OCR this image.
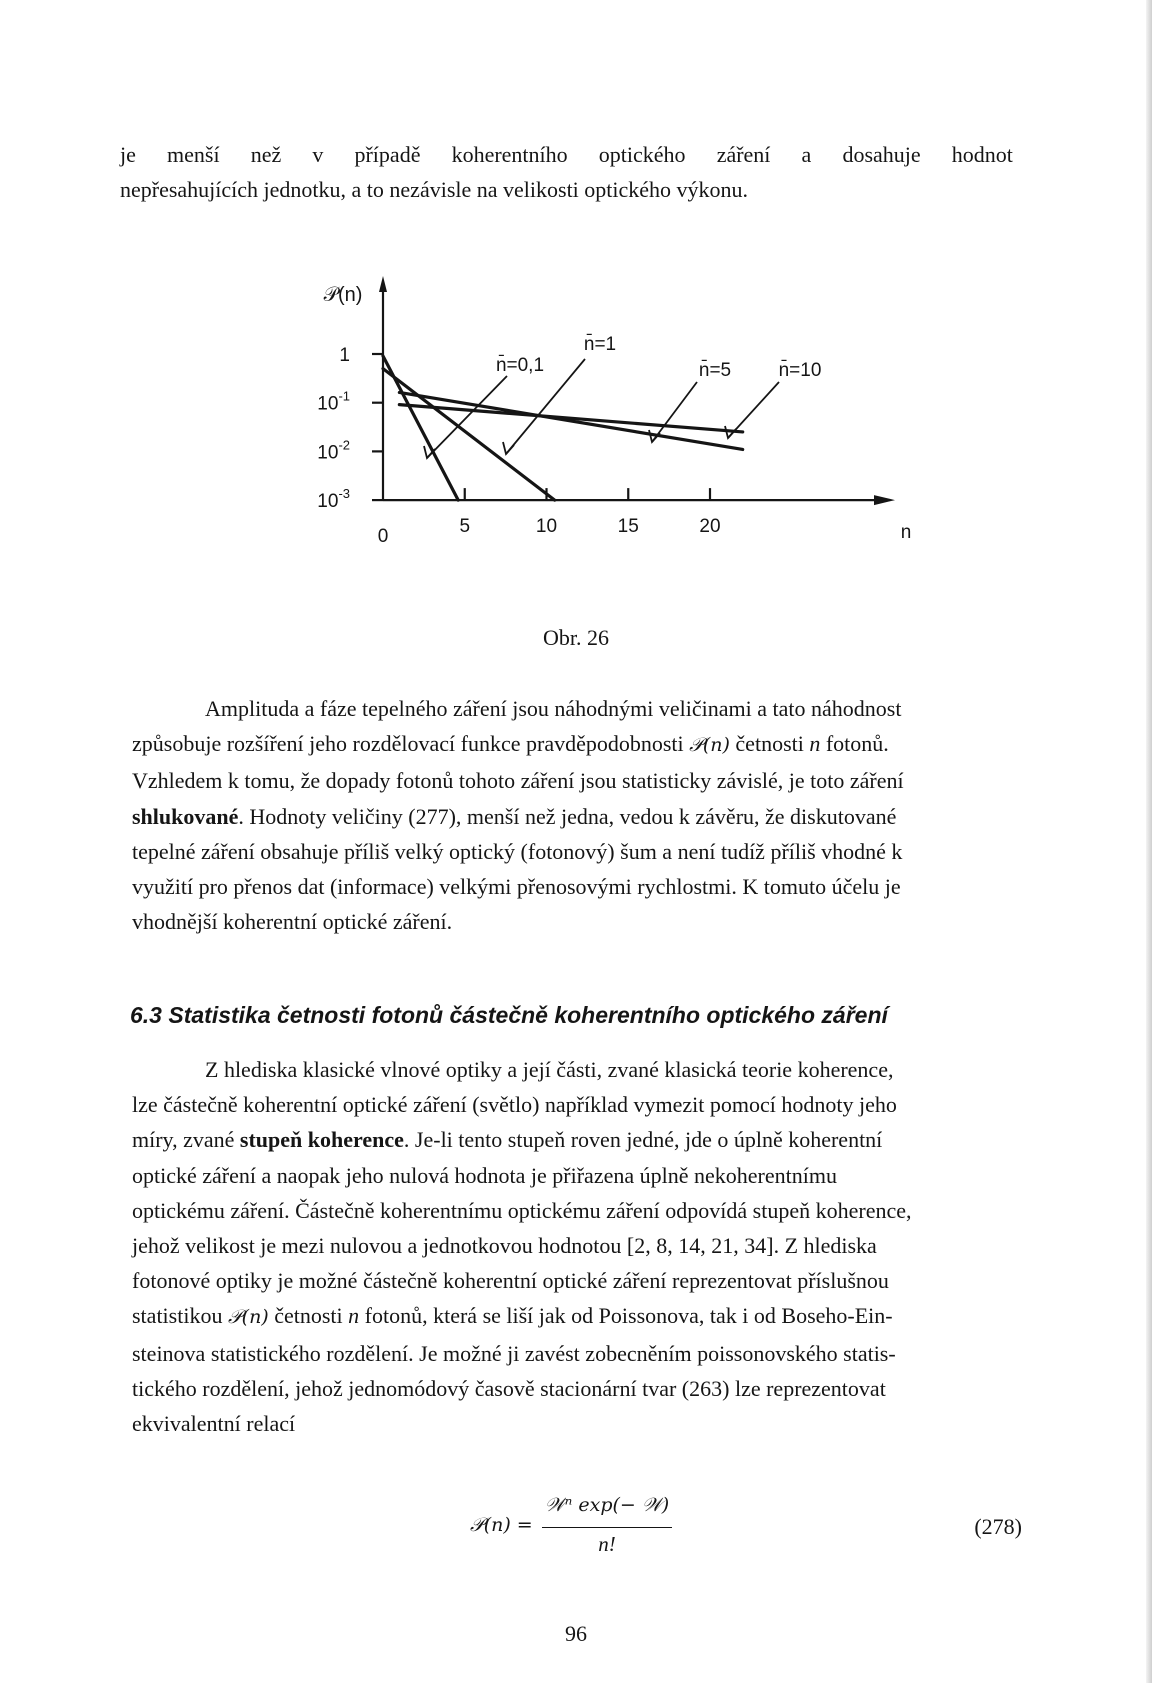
je menší než v případě koherentního optického záření a dosahuje hodnot
nepřesahujících jednotku, a to nezávisle na velikosti optického výkonu.
1
$10^{-1}$
$10^{-2}$
$10^{-3}$
0	5	10	15	20
𝒫(n)
n
n̄=0,1
n̄=1
n̄=5 n̄=10
Obr. 26
Amplituda a fáze tepelného záření jsou náhodnými veličinami a tato náhodnost
způsobuje rozšíření jeho rozdělovací funkce pravděpodobnosti 𝒫(n) četnosti n fotonů.
Vzhledem k tomu, že dopady fotonů tohoto záření jsou statisticky závislé, je toto záření
shlukované. Hodnoty veličiny (277), menší než jedna, vedou k závěru, že diskutované
tepelné záření obsahuje příliš velký optický (fotonový) šum a není tudíž příliš vhodné k
využití pro přenos dat (informace) velkými přenosovými rychlostmi. K tomuto účelu je
vhodnější koherentní optické záření.
6.3 Statistika četnosti fotonů částečně koherentního optického záření
Z hlediska klasické vlnové optiky a její části, zvané klasická teorie koherence,
lze částečně koherentní optické záření (světlo) například vymezit pomocí hodnoty jeho
míry, zvané stupeň koherence. Je-li tento stupeň roven jedné, jde o úplně koherentní
optické záření a naopak jeho nulová hodnota je přiřazena úplně nekoherentnímu
optickému záření. Částečně koherentnímu optickému záření odpovídá stupeň koherence,
jehož velikost je mezi nulovou a jednotkovou hodnotou [2, 8, 14, 21, 34]. Z hlediska
fotonové optiky je možné částečně koherentní optické záření reprezentovat příslušnou
statistikou 𝒫(n) četnosti n fotonů, která se liší jak od Poissonova, tak i od Boseho-Ein-
steinova statistického rozdělení. Je možné ji zavést zobecněním poissonovského statis-
tického rozdělení, jehož jednomódový časově stacionární tvar (263) lze reprezentovat
ekvivalentní relací
𝒫(n) =
𝒲ⁿ exp(− 𝒲)
n!
(278)
96
